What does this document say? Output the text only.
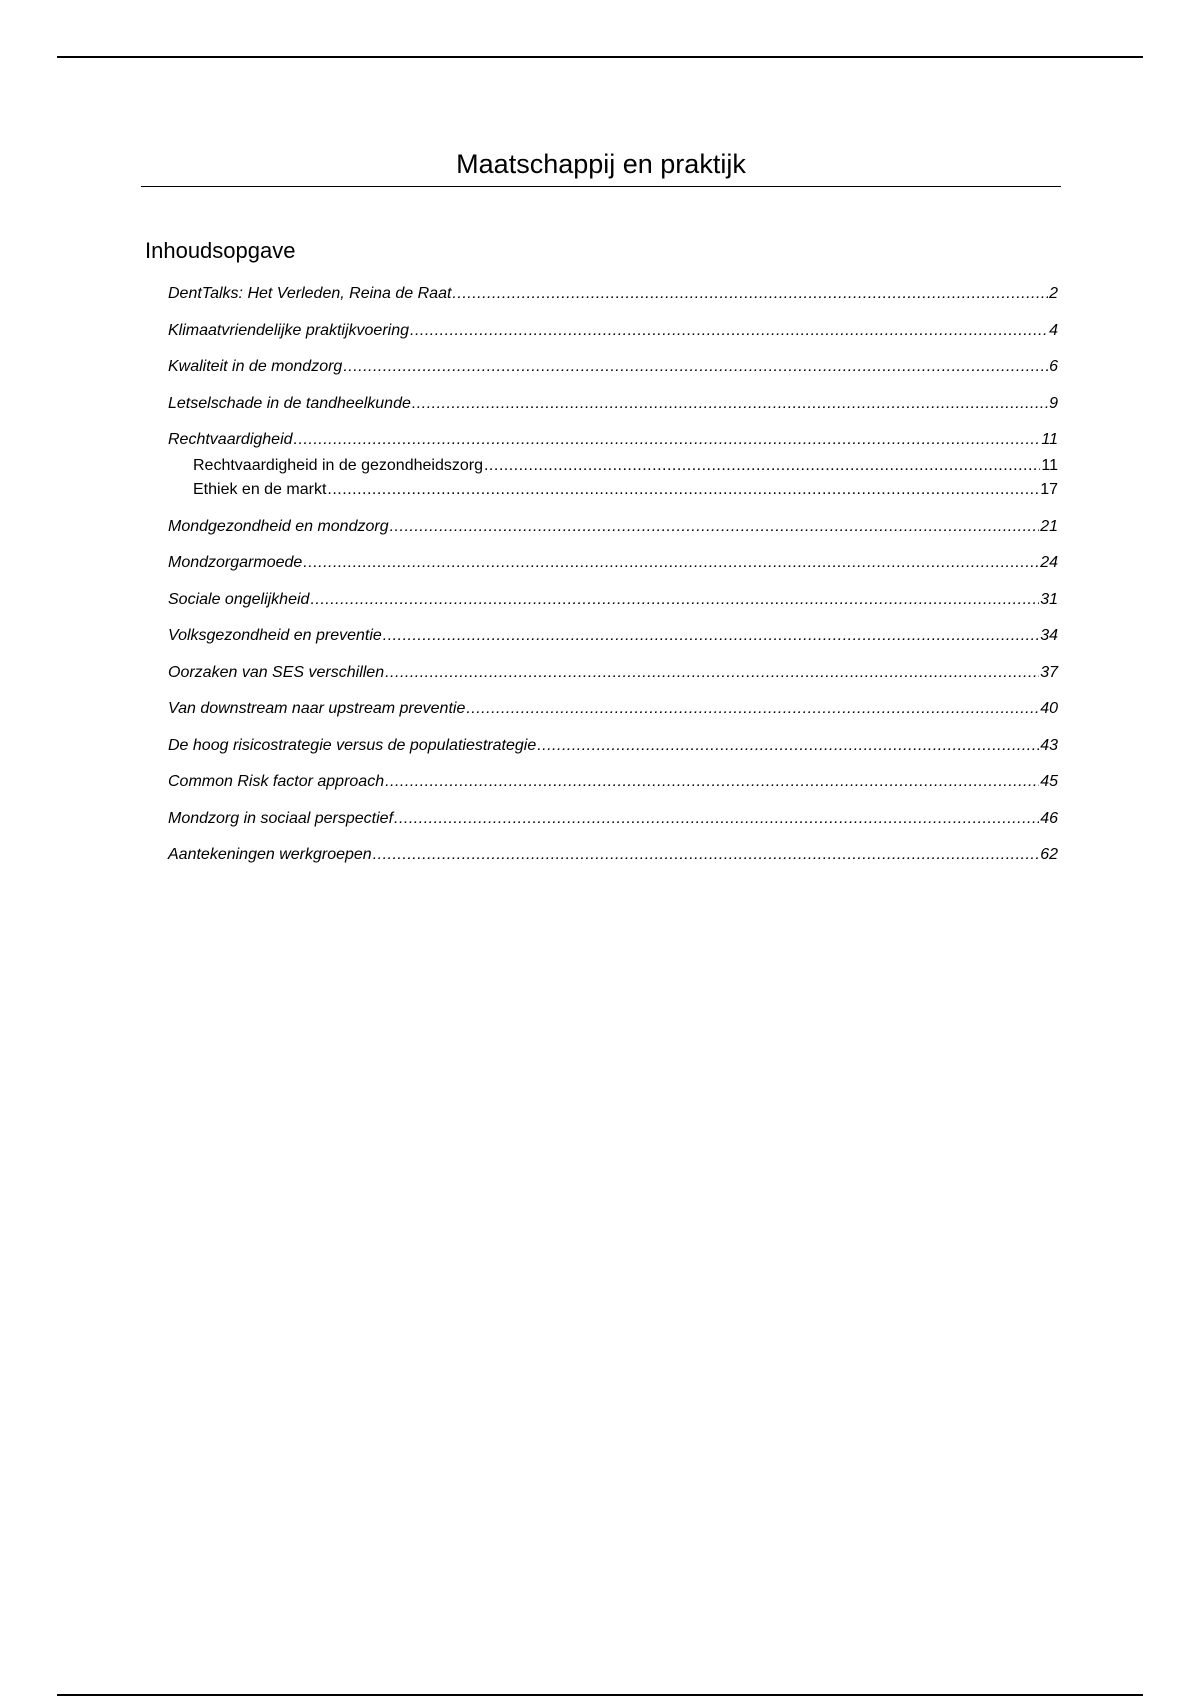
Maatschappij en praktijk
Inhoudsopgave
DentTalks: Het Verleden, Reina de Raat .....	2
Klimaatvriendelijke praktijkvoering .....	4
Kwaliteit in de mondzorg .....	6
Letselschade in de tandheelkunde .....	9
Rechtvaardigheid .....	11
Rechtvaardigheid in de gezondheidszorg .....	11
Ethiek en de markt .....	17
Mondgezondheid en mondzorg .....	21
Mondzorgarmoede .....	24
Sociale ongelijkheid .....	31
Volksgezondheid en preventie .....	34
Oorzaken van SES verschillen .....	37
Van downstream naar upstream preventie .....	40
De hoog risicostrategie versus de populatiestrategie .....	43
Common Risk factor approach .....	45
Mondzorg in sociaal perspectief .....	46
Aantekeningen werkgroepen .....	62
